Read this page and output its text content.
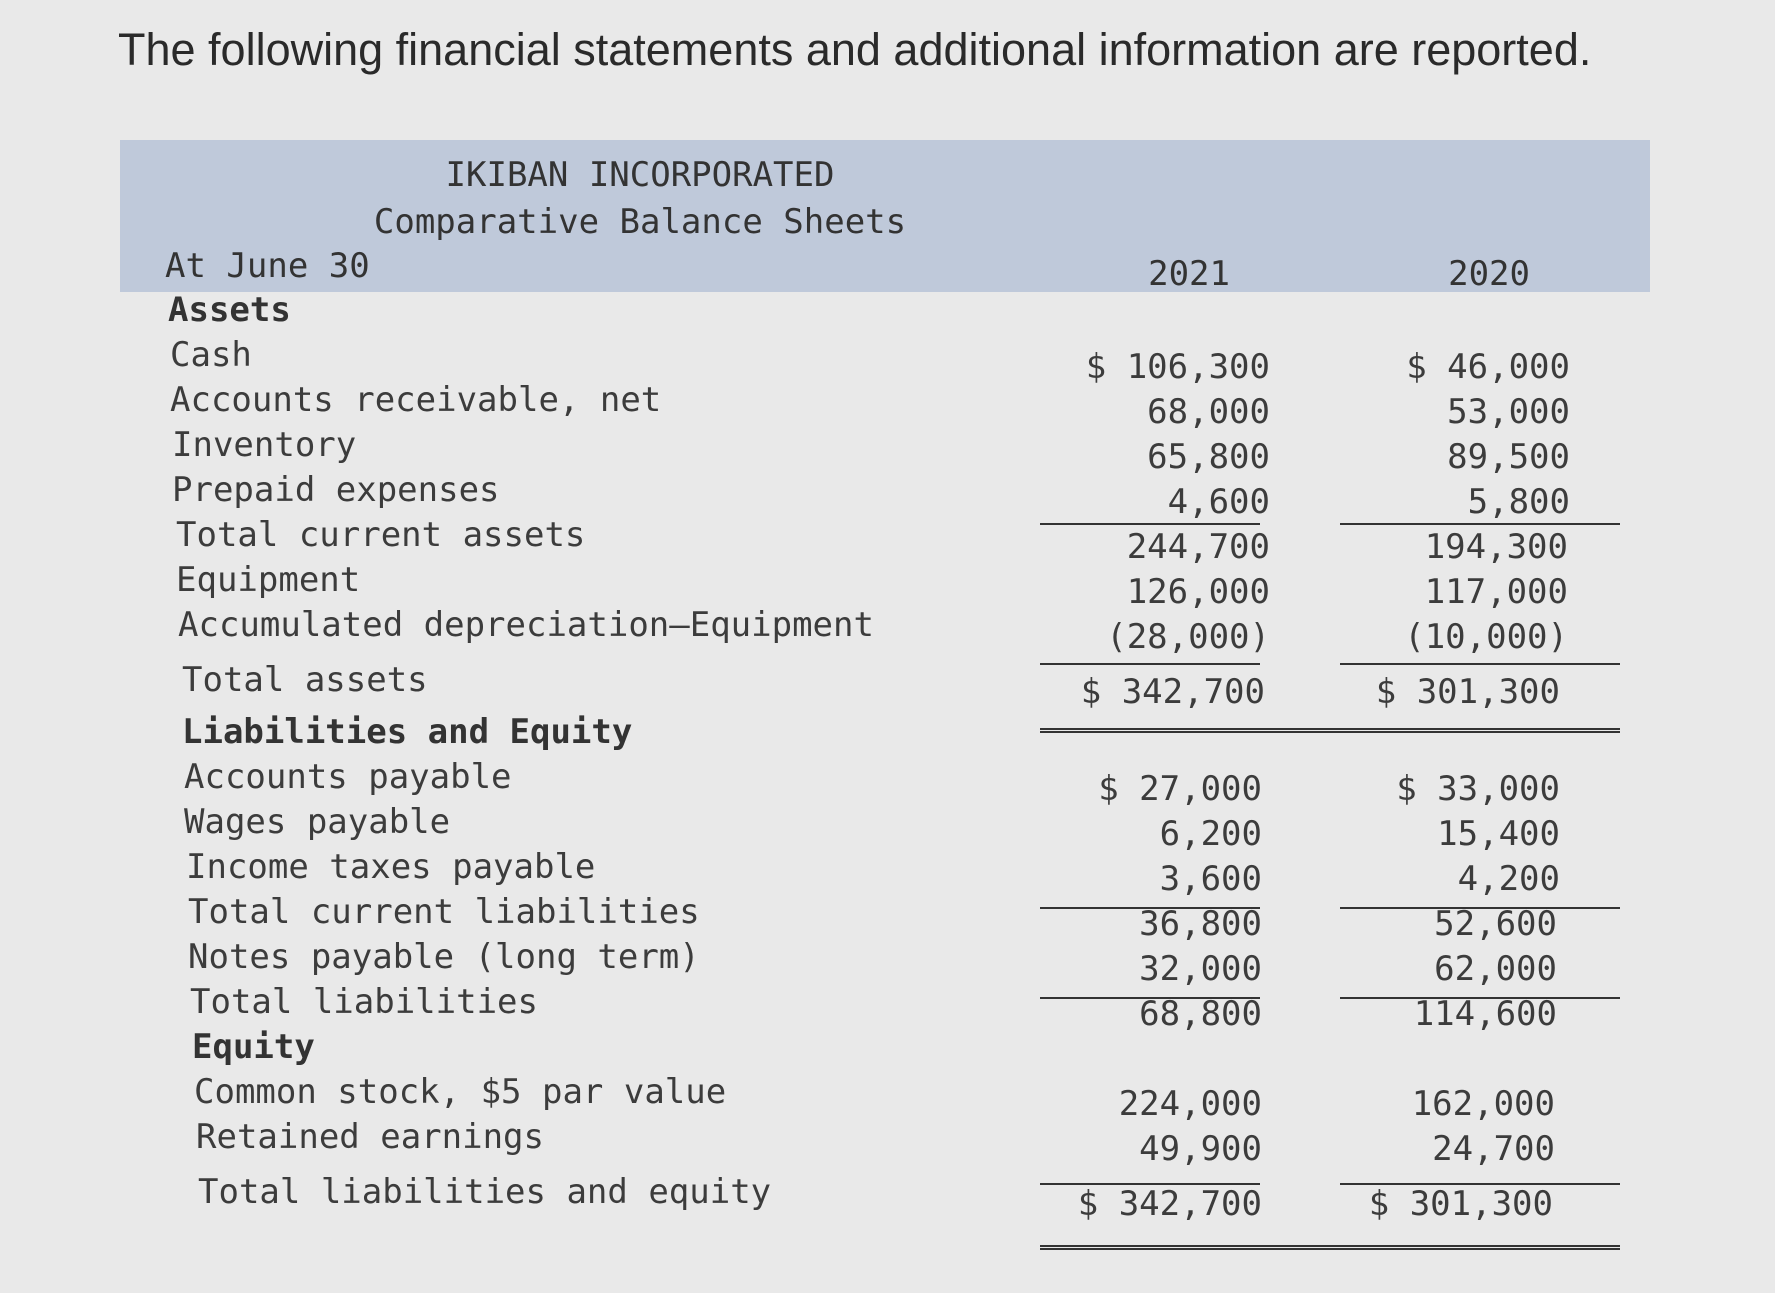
The following financial statements and additional information are reported.
IKIBAN INCORPORATED
Comparative Balance Sheets
At June 30	2021	2020
Assets
Cash	$ 106,300	$ 46,000
Accounts receivable, net	68,000	53,000
Inventory	65,800	89,500
Prepaid expenses	4,600	5,800
Total current assets	244,700	194,300
Equipment	126,000	117,000
Accumulated depreciation—Equipment	(28,000)	(10,000)
Total assets	$ 342,700	$ 301,300
Liabilities and Equity
Accounts payable	$ 27,000	$ 33,000
Wages payable	6,200	15,400
Income taxes payable	3,600	4,200
Total current liabilities	36,800	52,600
Notes payable (long term)	32,000	62,000
Total liabilities	68,800	114,600
Equity
Common stock, $5 par value	224,000	162,000
Retained earnings	49,900	24,700
Total liabilities and equity	$ 342,700	$ 301,300
